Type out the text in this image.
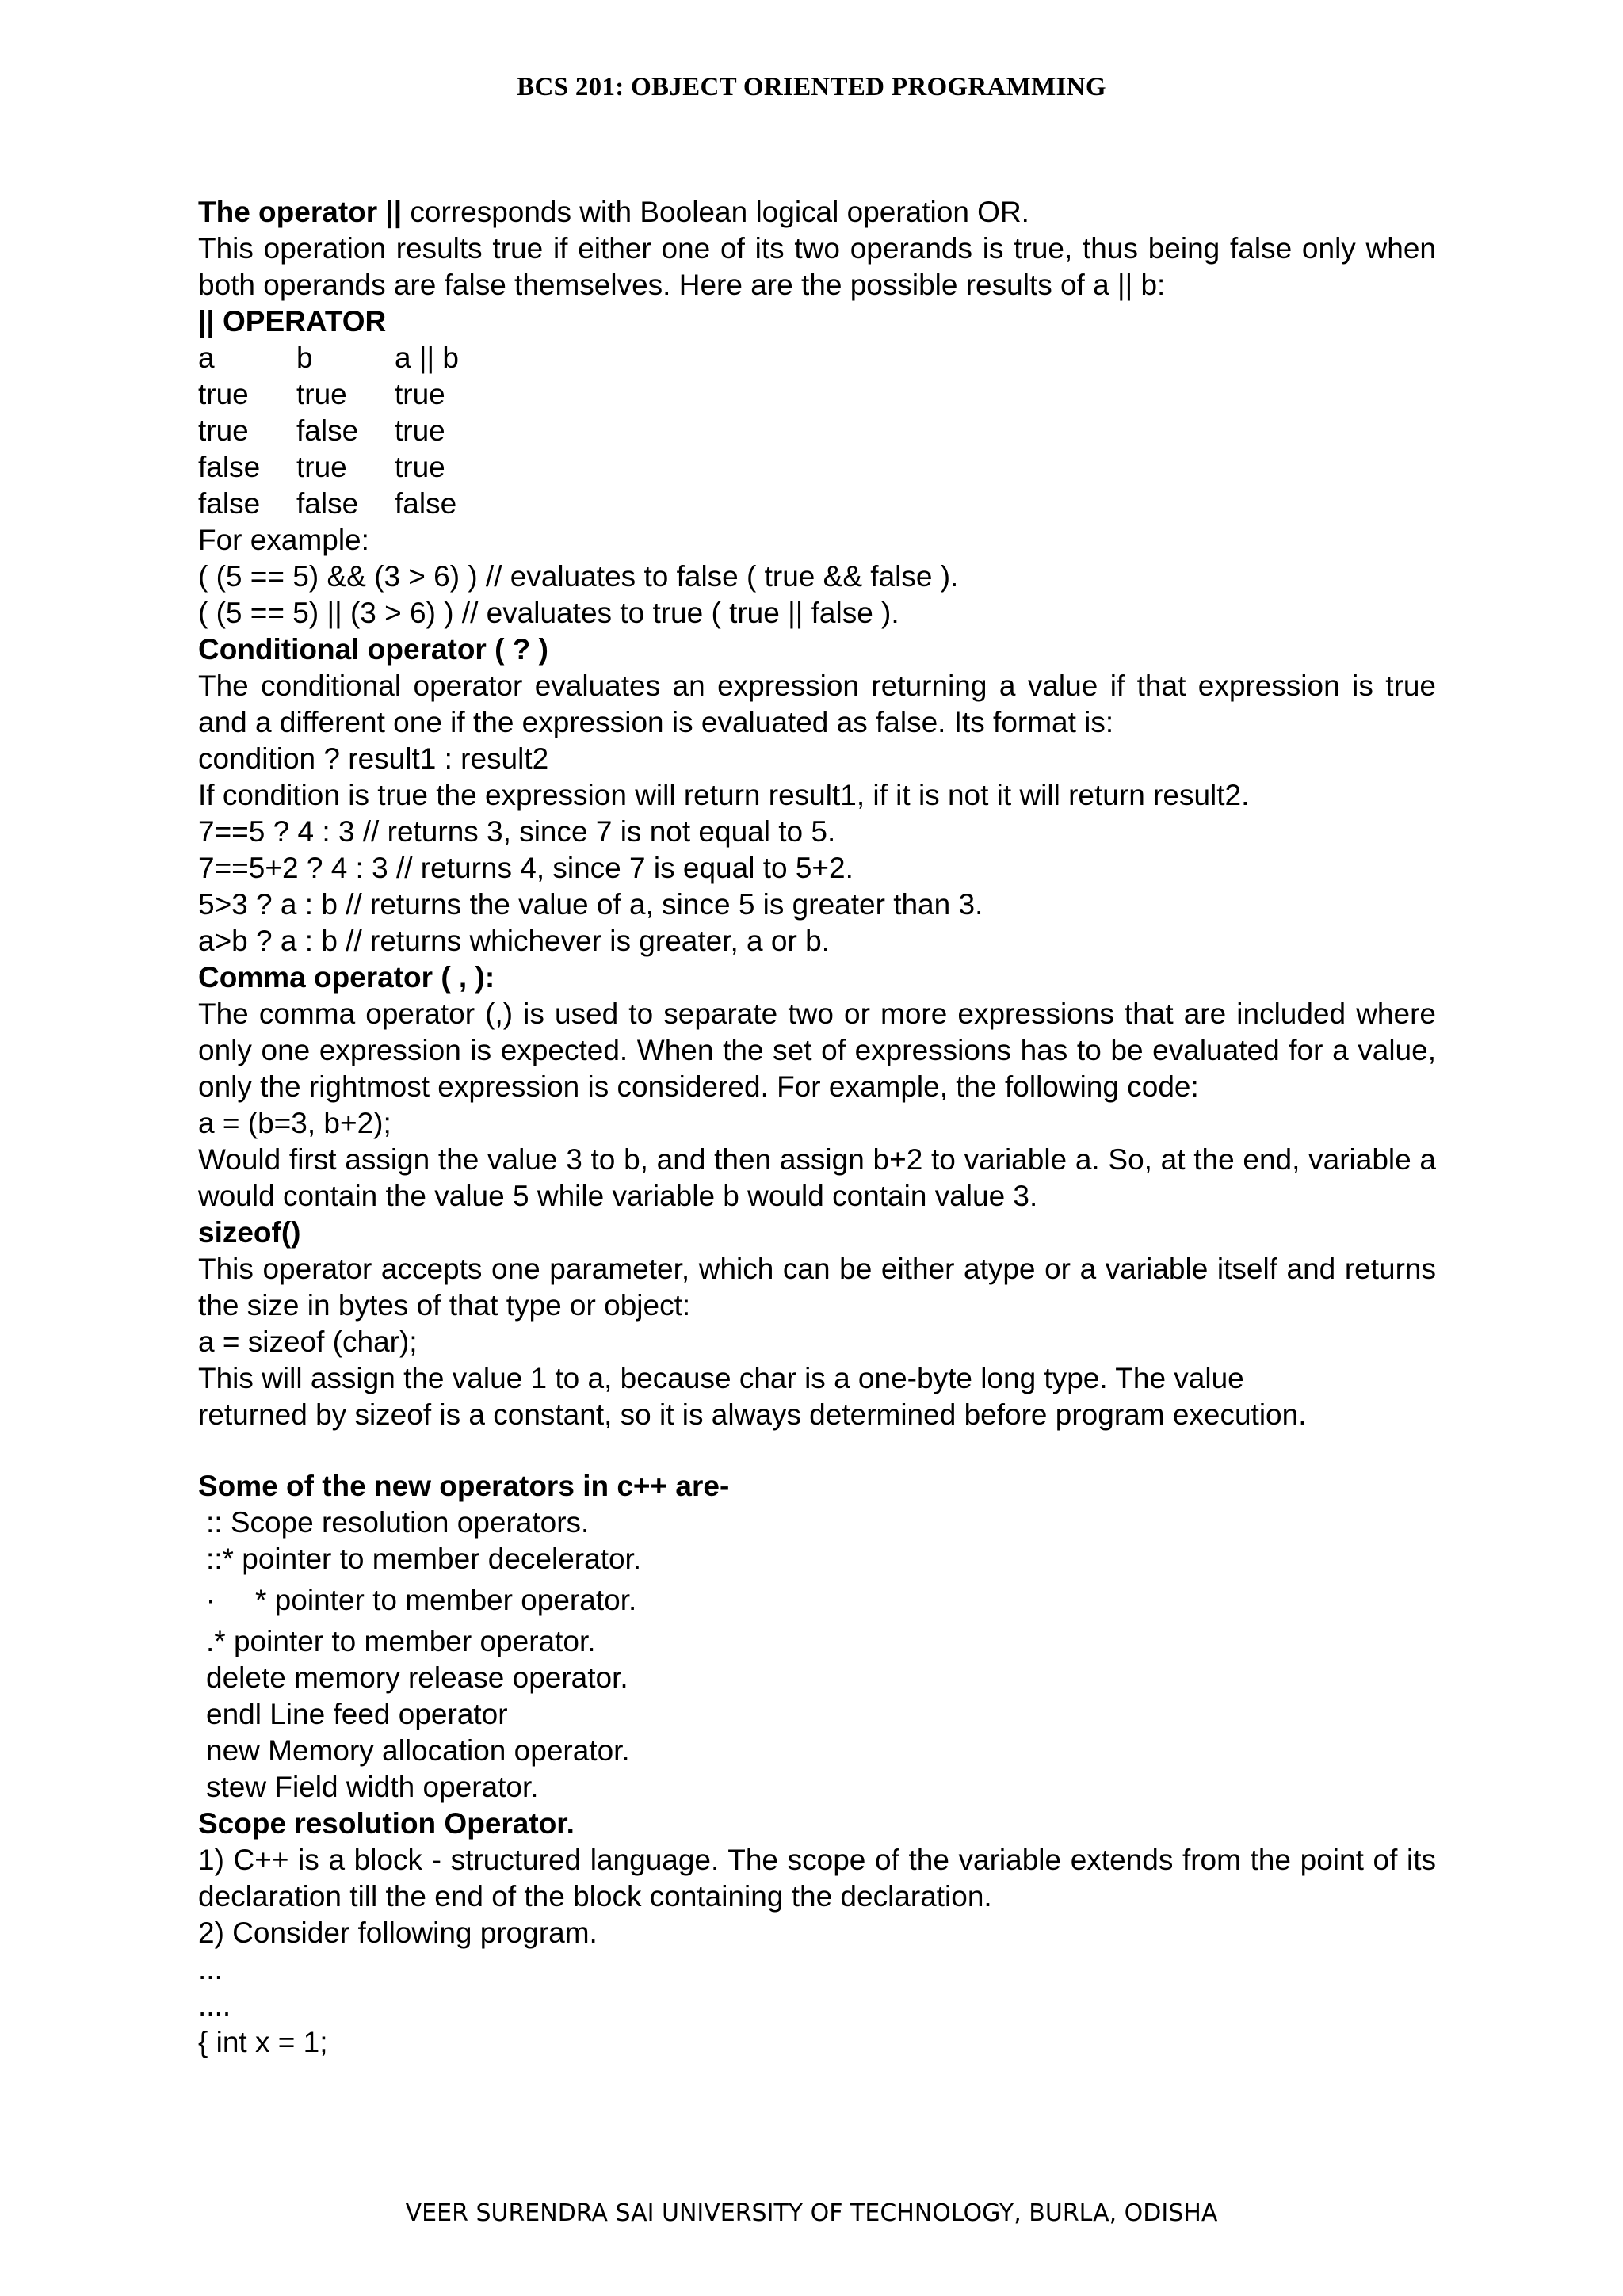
BCS 201: OBJECT ORIENTED PROGRAMMING

The operator || corresponds with Boolean logical operation OR.

This operation results true if either one of its two operands is true, thus being false only when both operands are false themselves. Here are the possible results of a || b:

|| OPERATOR

a	b	a || b
true	true	true
true	false	true
false	true	true
false	false	false

For example:

( (5 == 5) && (3 > 6) ) // evaluates to false ( true && false ).

( (5 == 5) || (3 > 6) ) // evaluates to true ( true || false ).

Conditional operator ( ? )

The conditional operator evaluates an expression returning a value if that expression is true and a different one if the expression is evaluated as false. Its format is:

condition ? result1 : result2

If condition is true the expression will return result1, if it is not it will return result2.

7==5 ? 4 : 3 // returns 3, since 7 is not equal to 5.

7==5+2 ? 4 : 3 // returns 4, since 7 is equal to 5+2.

5>3 ? a : b // returns the value of a, since 5 is greater than 3.

a>b ? a : b // returns whichever is greater, a or b.

Comma operator ( , ):

The comma operator (,) is used to separate two or more expressions that are included where only one expression is expected. When the set of expressions has to be evaluated for a value, only the rightmost expression is considered. For example, the following code:

a = (b=3, b+2);

Would first assign the value 3 to b, and then assign b+2 to variable a. So, at the end, variable a would contain the value 5 while variable b would contain value 3.

sizeof()

This operator accepts one parameter, which can be either atype or a variable itself and returns the size in bytes of that type or object:

a = sizeof (char);

This will assign the value 1 to a, because char is a one-byte long type. The value

returned by sizeof is a constant, so it is always determined before program execution.

Some of the new operators in c++ are-

:: Scope resolution operators.

::* pointer to member decelerator.

·	* pointer to member operator.

.* pointer to member operator.

delete memory release operator.

endl Line feed operator

new Memory allocation operator.

stew Field width operator.

Scope resolution Operator.

1) C++ is a block - structured language. The scope of the variable extends from the point of its declaration till the end of the block containing the declaration.

2) Consider following program.

...

....

{ int x = 1;

VEER SURENDRA SAI UNIVERSITY OF TECHNOLOGY, BURLA, ODISHA
